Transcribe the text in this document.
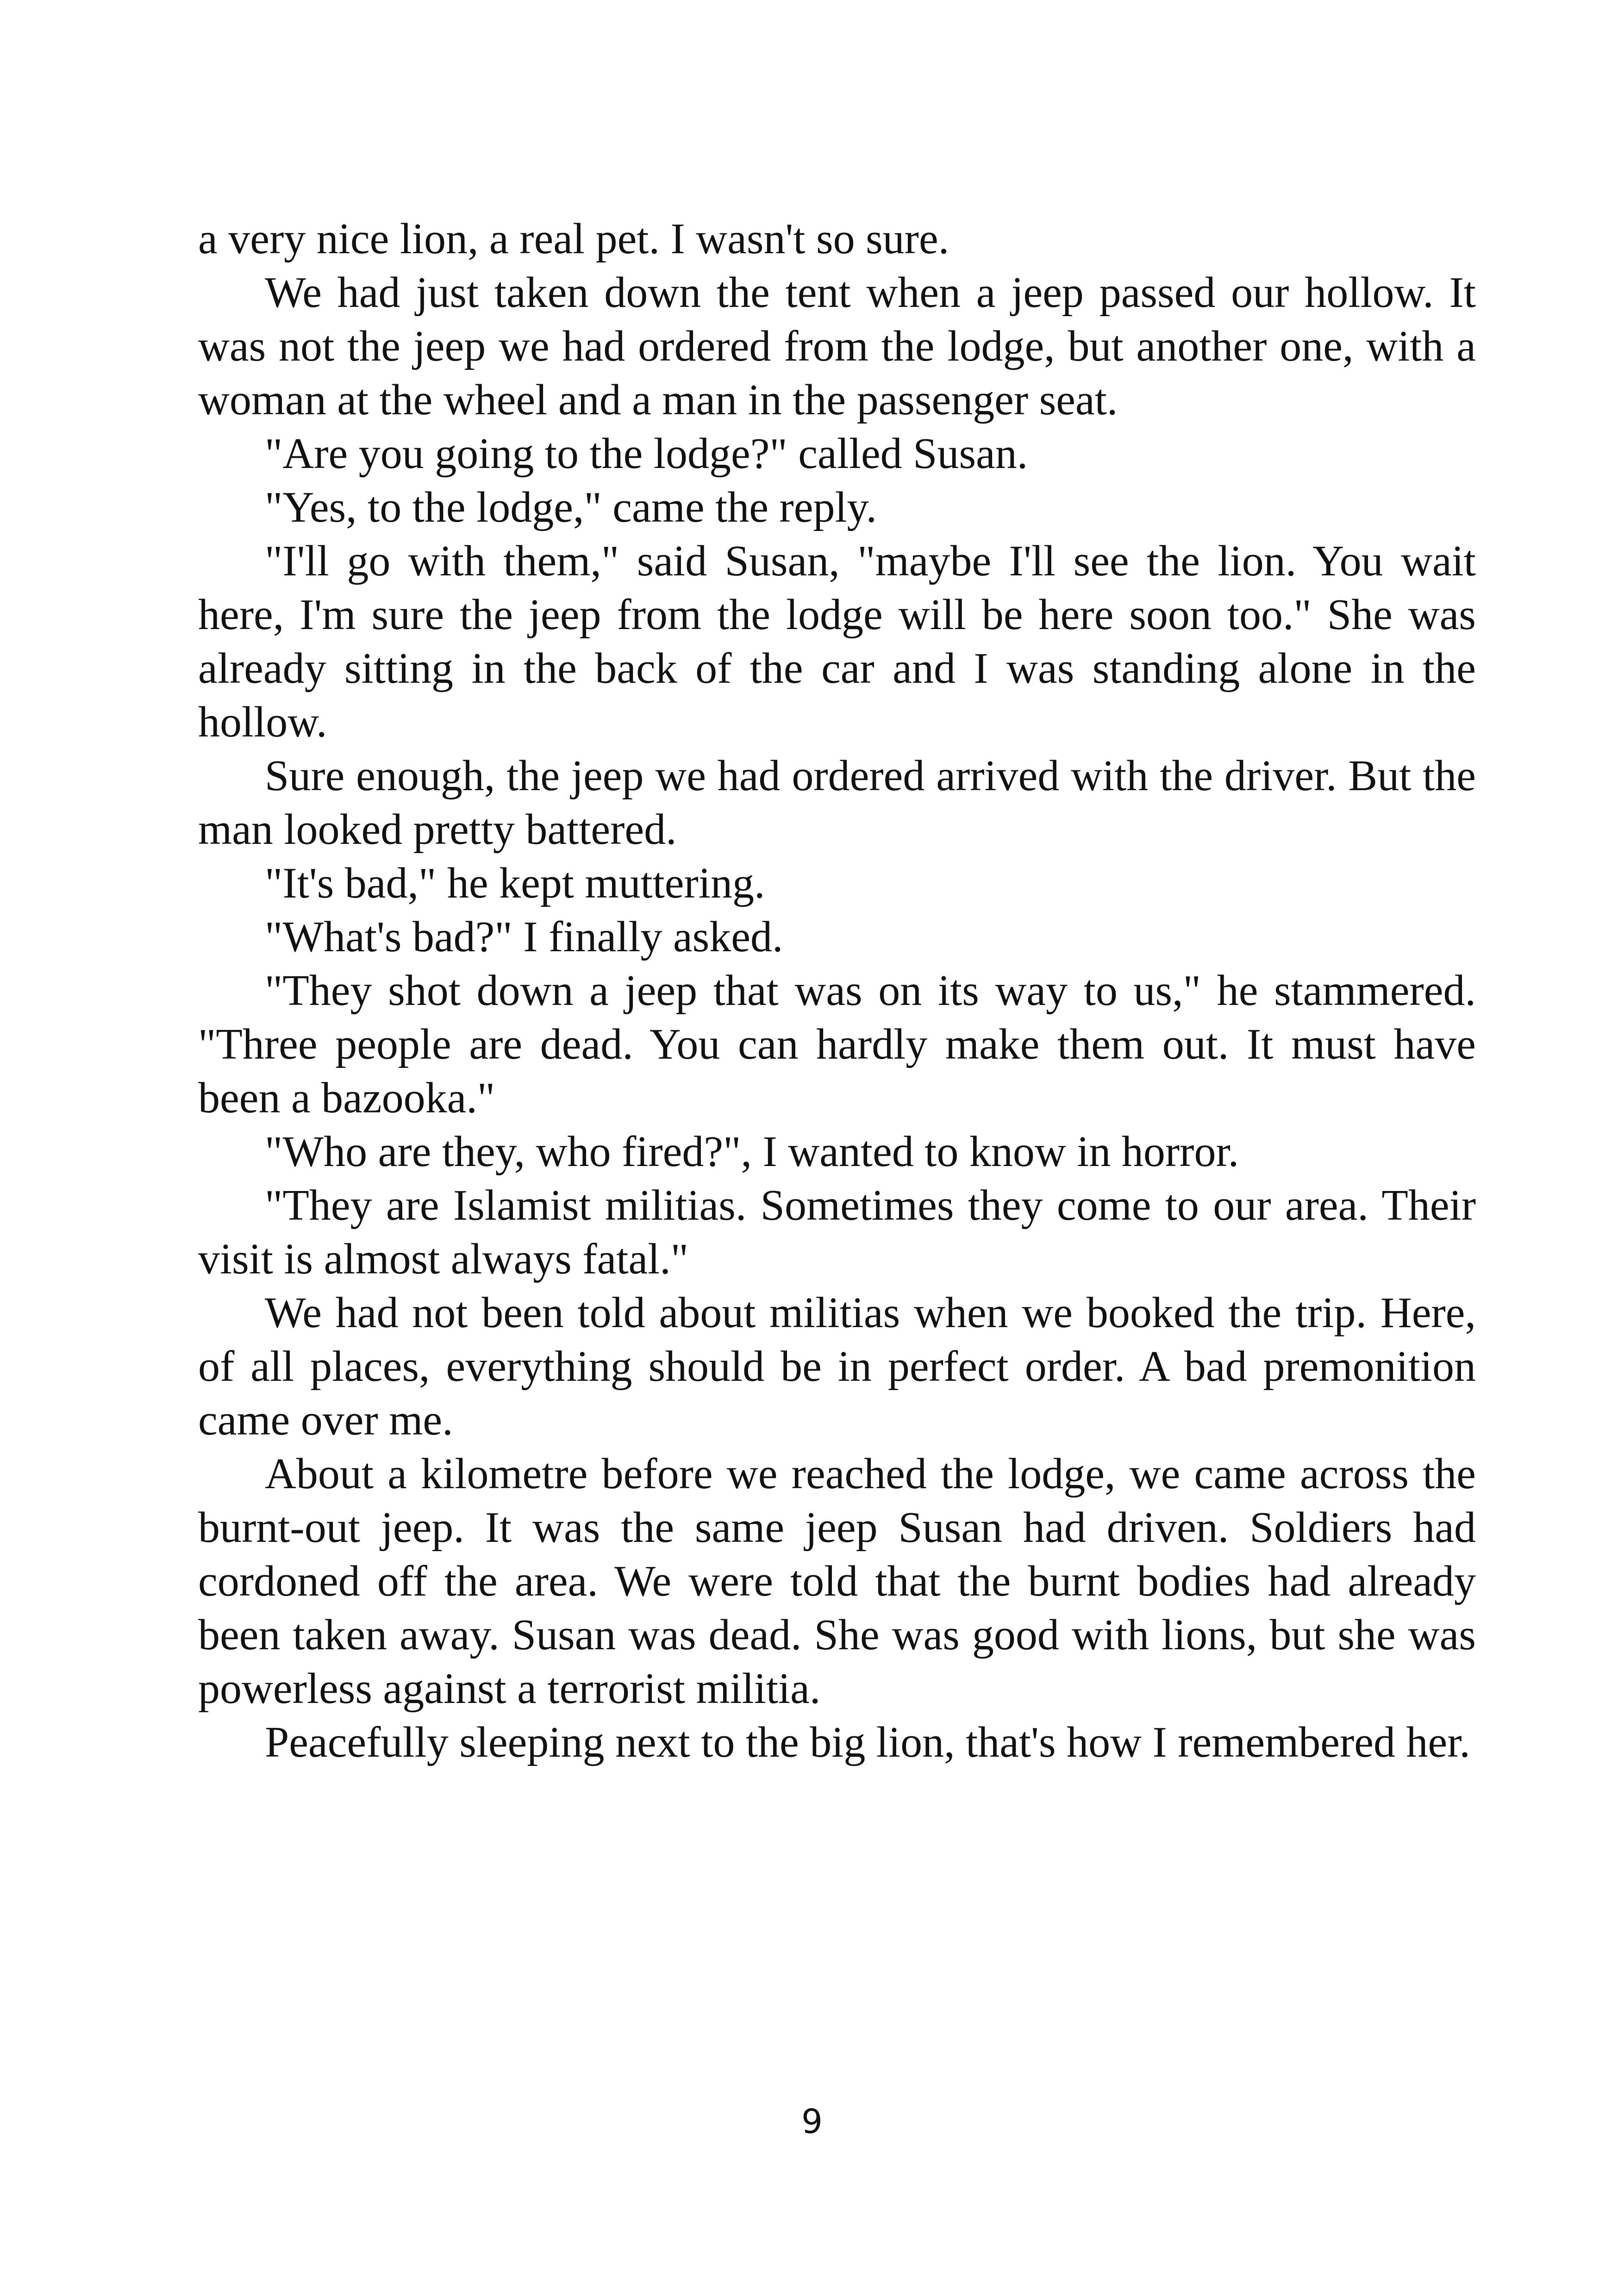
a very nice lion, a real pet. I wasn't so sure.

We had just taken down the tent when a jeep passed our hollow. It was not the jeep we had ordered from the lodge, but another one, with a woman at the wheel and a man in the passenger seat.

"Are you going to the lodge?" called Susan.

"Yes, to the lodge," came the reply.

"I'll go with them," said Susan, "maybe I'll see the lion. You wait here, I'm sure the jeep from the lodge will be here soon too." She was already sitting in the back of the car and I was standing alone in the hollow.

Sure enough, the jeep we had ordered arrived with the driver. But the man looked pretty battered.

"It's bad," he kept muttering.

"What's bad?" I finally asked.

"They shot down a jeep that was on its way to us," he stammered. "Three people are dead. You can hardly make them out. It must have been a bazooka."

"Who are they, who fired?", I wanted to know in horror.

"They are Islamist militias. Sometimes they come to our area. Their visit is almost always fatal."

We had not been told about militias when we booked the trip. Here, of all places, everything should be in perfect order. A bad premonition came over me.

About a kilometre before we reached the lodge, we came across the burnt-out jeep. It was the same jeep Susan had driven. Soldiers had cordoned off the area. We were told that the burnt bodies had already been taken away. Susan was dead. She was good with lions, but she was powerless against a terrorist militia.

Peacefully sleeping next to the big lion, that's how I remembered her.

9
